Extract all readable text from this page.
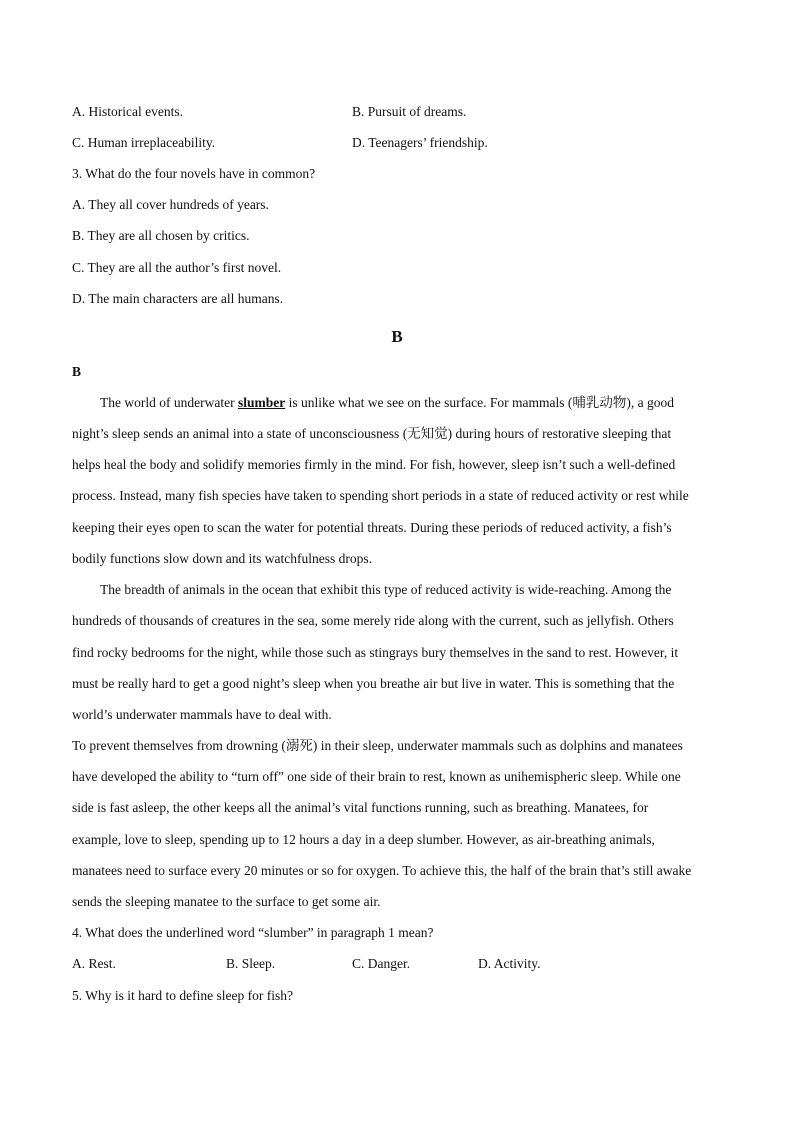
A. Historical events.	B. Pursuit of dreams.
C. Human irreplaceability.	D. Teenagers’ friendship.
3. What do the four novels have in common?
A. They all cover hundreds of years.
B. They are all chosen by critics.
C. They are all the author’s first novel.
D. The main characters are all humans.
B
B
The world of underwater slumber is unlike what we see on the surface. For mammals (哺乳动物), a good
night’s sleep sends an animal into a state of unconsciousness (无知觉) during hours of restorative sleeping that
helps heal the body and solidify memories firmly in the mind. For fish, however, sleep isn’t such a well-defined
process. Instead, many fish species have taken to spending short periods in a state of reduced activity or rest while
keeping their eyes open to scan the water for potential threats. During these periods of reduced activity, a fish’s
bodily functions slow down and its watchfulness drops.
The breadth of animals in the ocean that exhibit this type of reduced activity is wide-reaching. Among the
hundreds of thousands of creatures in the sea, some merely ride along with the current, such as jellyfish. Others
find rocky bedrooms for the night, while those such as stingrays bury themselves in the sand to rest. However, it
must be really hard to get a good night’s sleep when you breathe air but live in water. This is something that the
world’s underwater mammals have to deal with.
To prevent themselves from drowning (溺死) in their sleep, underwater mammals such as dolphins and manatees
have developed the ability to “turn off” one side of their brain to rest, known as unihemispheric sleep. While one
side is fast asleep, the other keeps all the animal’s vital functions running, such as breathing. Manatees, for
example, love to sleep, spending up to 12 hours a day in a deep slumber. However, as air-breathing animals,
manatees need to surface every 20 minutes or so for oxygen. To achieve this, the half of the brain that’s still awake
sends the sleeping manatee to the surface to get some air.
4. What does the underlined word “slumber” in paragraph 1 mean?
A. Rest.	B. Sleep.	C. Danger.	D. Activity.
5. Why is it hard to define sleep for fish?
